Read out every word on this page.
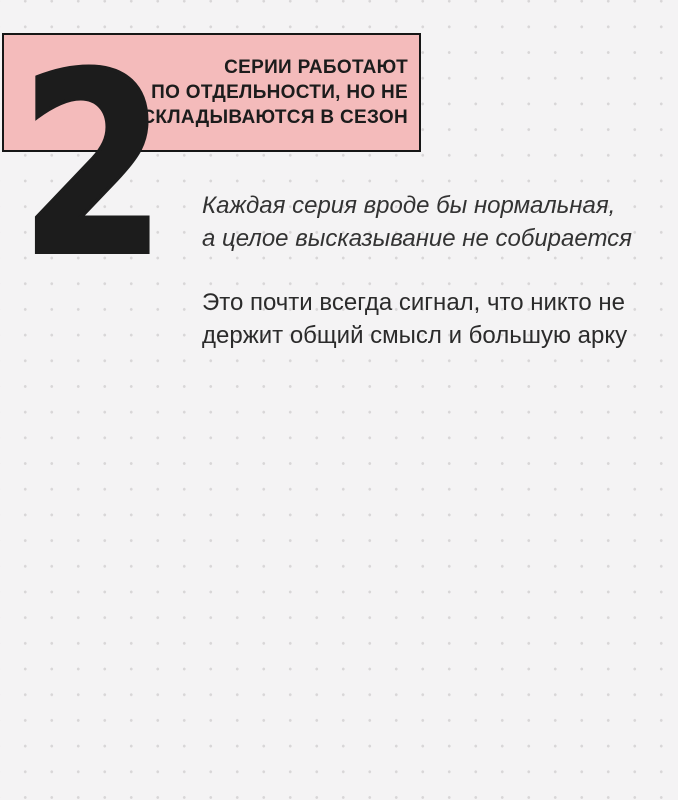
СЕРИИ РАБОТАЮТ
ПО ОТДЕЛЬНОСТИ, НО НЕ
СКЛАДЫВАЮТСЯ В СЕЗОН
2 Каждая серия вроде бы нормальная,
а целое высказывание не собирается
Это почти всегда сигнал, что никто не
держит общий смысл и большую арку
